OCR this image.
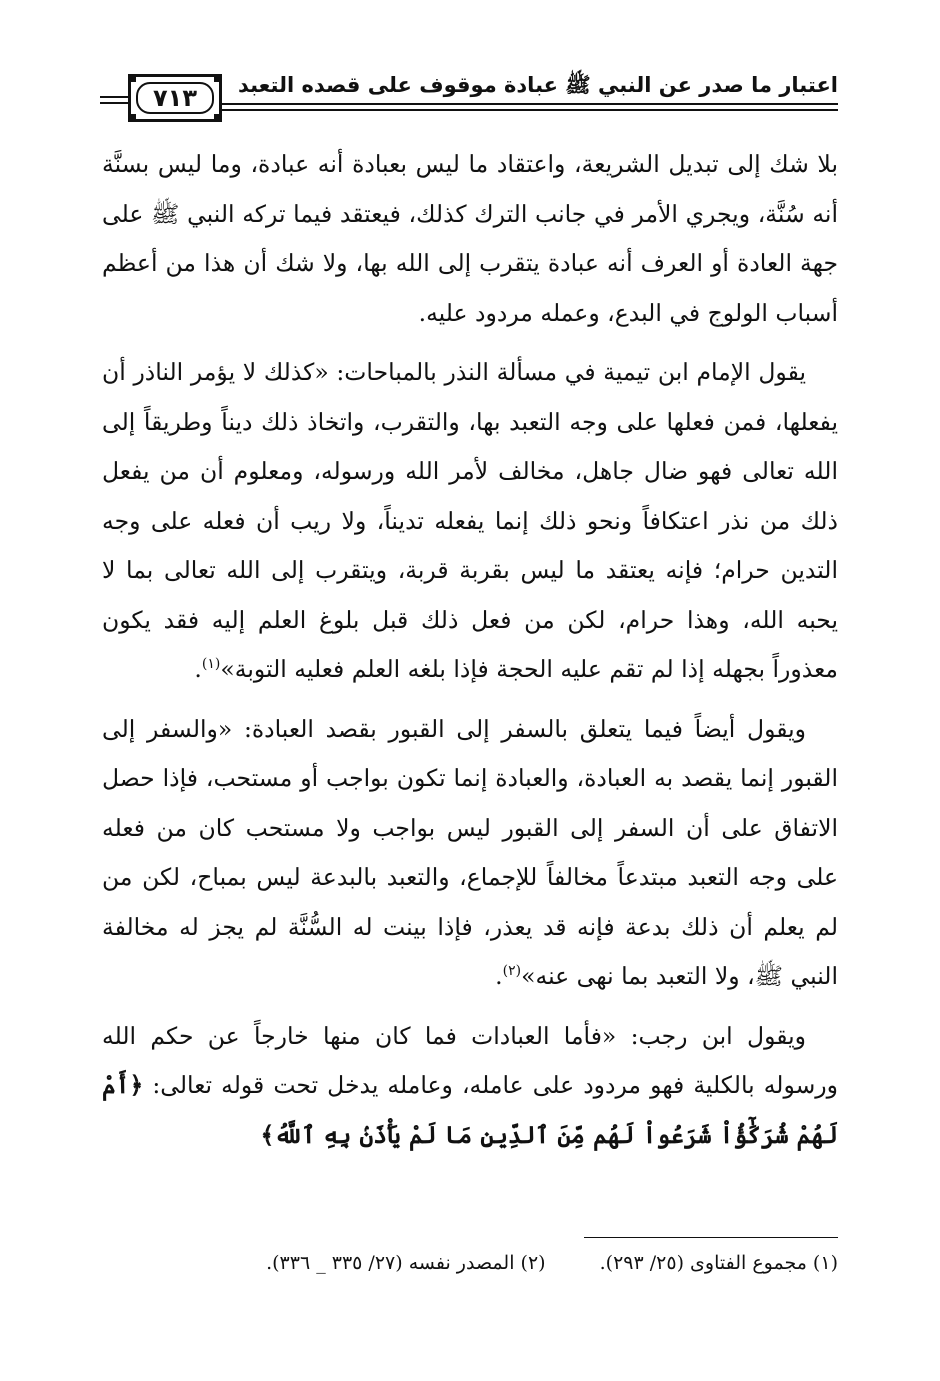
اعتبار ما صدر عن النبي ﷺ عبادة موقوف على قصده التعبد
٧١٣

بلا شك إلى تبديل الشريعة، واعتقاد ما ليس بعبادة أنه عبادة، وما ليس بسنَّة أنه سُنَّة، ويجري الأمر في جانب الترك كذلك، فيعتقد فيما تركه النبي ﷺ على جهة العادة أو العرف أنه عبادة يتقرب إلى الله بها، ولا شك أن هذا من أعظم أسباب الولوج في البدع، وعمله مردود عليه.

يقول الإمام ابن تيمية في مسألة النذر بالمباحات: «كذلك لا يؤمر الناذر أن يفعلها، فمن فعلها على وجه التعبد بها، والتقرب، واتخاذ ذلك ديناً وطريقاً إلى الله تعالى فهو ضال جاهل، مخالف لأمر الله ورسوله، ومعلوم أن من يفعل ذلك من نذر اعتكافاً ونحو ذلك إنما يفعله تديناً، ولا ريب أن فعله على وجه التدين حرام؛ فإنه يعتقد ما ليس بقربة قربة، ويتقرب إلى الله تعالى بما لا يحبه الله، وهذا حرام، لكن من فعل ذلك قبل بلوغ العلم إليه فقد يكون معذوراً بجهله إذا لم تقم عليه الحجة فإذا بلغه العلم فعليه التوبة»$^{(١)}$.

ويقول أيضاً فيما يتعلق بالسفر إلى القبور بقصد العبادة: «والسفر إلى القبور إنما يقصد به العبادة، والعبادة إنما تكون بواجب أو مستحب، فإذا حصل الاتفاق على أن السفر إلى القبور ليس بواجب ولا مستحب كان من فعله على وجه التعبد مبتدعاً مخالفاً للإجماع، والتعبد بالبدعة ليس بمباح، لكن من لم يعلم أن ذلك بدعة فإنه قد يعذر، فإذا بينت له السُّنَّة لم يجز له مخالفة النبي ﷺ، ولا التعبد بما نهى عنه»$^{(٢)}$.

ويقول ابن رجب: «فأما العبادات فما كان منها خارجاً عن حكم الله ورسوله بالكلية فهو مردود على عامله، وعامله يدخل تحت قوله تعالى: ﴿أَمْ لَهُمْ شُرَكَٰٓؤُاْ شَرَعُواْ لَهُم مِّنَ ٱلدِّينِ مَا لَمْ يَأْذَنۢ بِهِ ٱللَّهُ﴾

(١) مجموع الفتاوى (٢٥/ ٢٩٣). (٢) المصدر نفسه (٢٧/ ٣٣٥ _ ٣٣٦).
